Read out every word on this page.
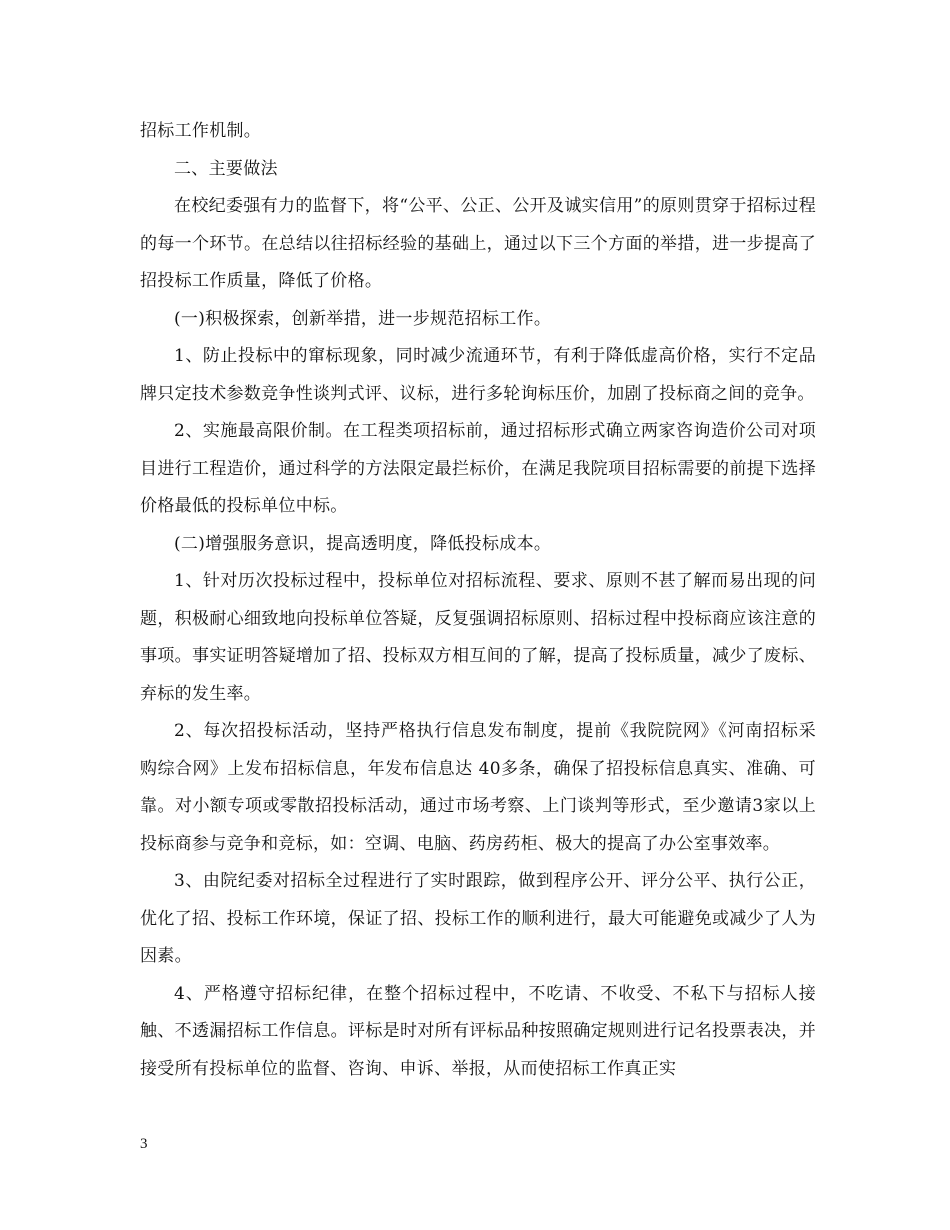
招标工作机制。

二、主要做法

在校纪委强有力的监督下，将“公平、公正、公开及诚实信用”的原则贯穿于招标过程的每一个环节。在总结以往招标经验的基础上，通过以下三个方面的举措，进一步提高了招投标工作质量，降低了价格。

(一)积极探索，创新举措，进一步规范招标工作。

1、防止投标中的窜标现象，同时减少流通环节，有利于降低虚高价格，实行不定品牌只定技术参数竞争性谈判式评、议标，进行多轮询标压价，加剧了投标商之间的竞争。

2、实施最高限价制。在工程类项招标前，通过招标形式确立两家咨询造价公司对项目进行工程造价，通过科学的方法限定最拦标价，在满足我院项目招标需要的前提下选择价格最低的投标单位中标。

(二)增强服务意识，提高透明度，降低投标成本。

1、针对历次投标过程中，投标单位对招标流程、要求、原则不甚了解而易出现的问题，积极耐心细致地向投标单位答疑，反复强调招标原则、招标过程中投标商应该注意的事项。事实证明答疑增加了招、投标双方相互间的了解，提高了投标质量，减少了废标、弃标的发生率。

2、每次招投标活动，坚持严格执行信息发布制度，提前《我院院网》《河南招标采购综合网》上发布招标信息，年发布信息达 40多条，确保了招投标信息真实、准确、可靠。对小额专项或零散招投标活动，通过市场考察、上门谈判等形式，至少邀请3家以上投标商参与竞争和竞标，如：空调、电脑、药房药柜、极大的提高了办公室事效率。

3、由院纪委对招标全过程进行了实时跟踪，做到程序公开、评分公平、执行公正，优化了招、投标工作环境，保证了招、投标工作的顺利进行，最大可能避免或减少了人为因素。

4、严格遵守招标纪律，在整个招标过程中，不吃请、不收受、不私下与招标人接触、不透漏招标工作信息。评标是时对所有评标品种按照确定规则进行记名投票表决，并接受所有投标单位的监督、咨询、申诉、举报，从而使招标工作真正实

3
